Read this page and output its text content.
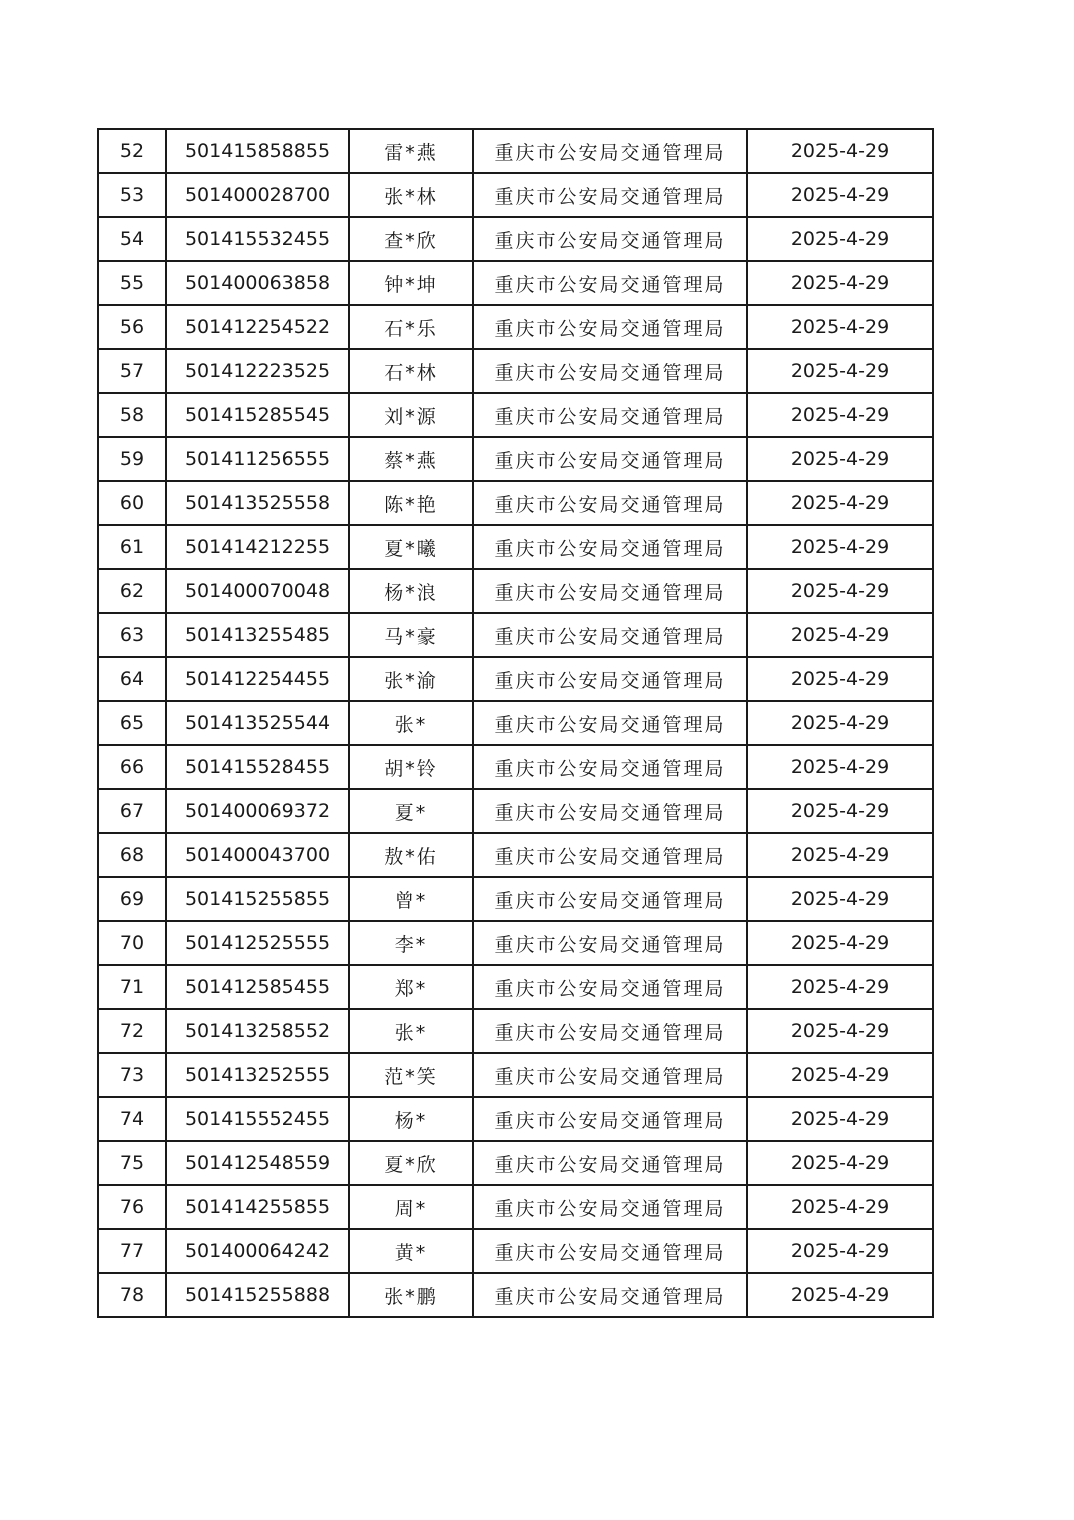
52	501415858855	雷*燕	重庆市公安局交通管理局	2025-4-29
53	501400028700	张*林	重庆市公安局交通管理局	2025-4-29
54	501415532455	查*欣	重庆市公安局交通管理局	2025-4-29
55	501400063858	钟*坤	重庆市公安局交通管理局	2025-4-29
56	501412254522	石*乐	重庆市公安局交通管理局	2025-4-29
57	501412223525	石*林	重庆市公安局交通管理局	2025-4-29
58	501415285545	刘*源	重庆市公安局交通管理局	2025-4-29
59	501411256555	蔡*燕	重庆市公安局交通管理局	2025-4-29
60	501413525558	陈*艳	重庆市公安局交通管理局	2025-4-29
61	501414212255	夏*曦	重庆市公安局交通管理局	2025-4-29
62	501400070048	杨*浪	重庆市公安局交通管理局	2025-4-29
63	501413255485	马*豪	重庆市公安局交通管理局	2025-4-29
64	501412254455	张*渝	重庆市公安局交通管理局	2025-4-29
65	501413525544	张*	重庆市公安局交通管理局	2025-4-29
66	501415528455	胡*铃	重庆市公安局交通管理局	2025-4-29
67	501400069372	夏*	重庆市公安局交通管理局	2025-4-29
68	501400043700	敖*佑	重庆市公安局交通管理局	2025-4-29
69	501415255855	曾*	重庆市公安局交通管理局	2025-4-29
70	501412525555	李*	重庆市公安局交通管理局	2025-4-29
71	501412585455	郑*	重庆市公安局交通管理局	2025-4-29
72	501413258552	张*	重庆市公安局交通管理局	2025-4-29
73	501413252555	范*笑	重庆市公安局交通管理局	2025-4-29
74	501415552455	杨*	重庆市公安局交通管理局	2025-4-29
75	501412548559	夏*欣	重庆市公安局交通管理局	2025-4-29
76	501414255855	周*	重庆市公安局交通管理局	2025-4-29
77	501400064242	黄*	重庆市公安局交通管理局	2025-4-29
78	501415255888	张*鹏	重庆市公安局交通管理局	2025-4-29
